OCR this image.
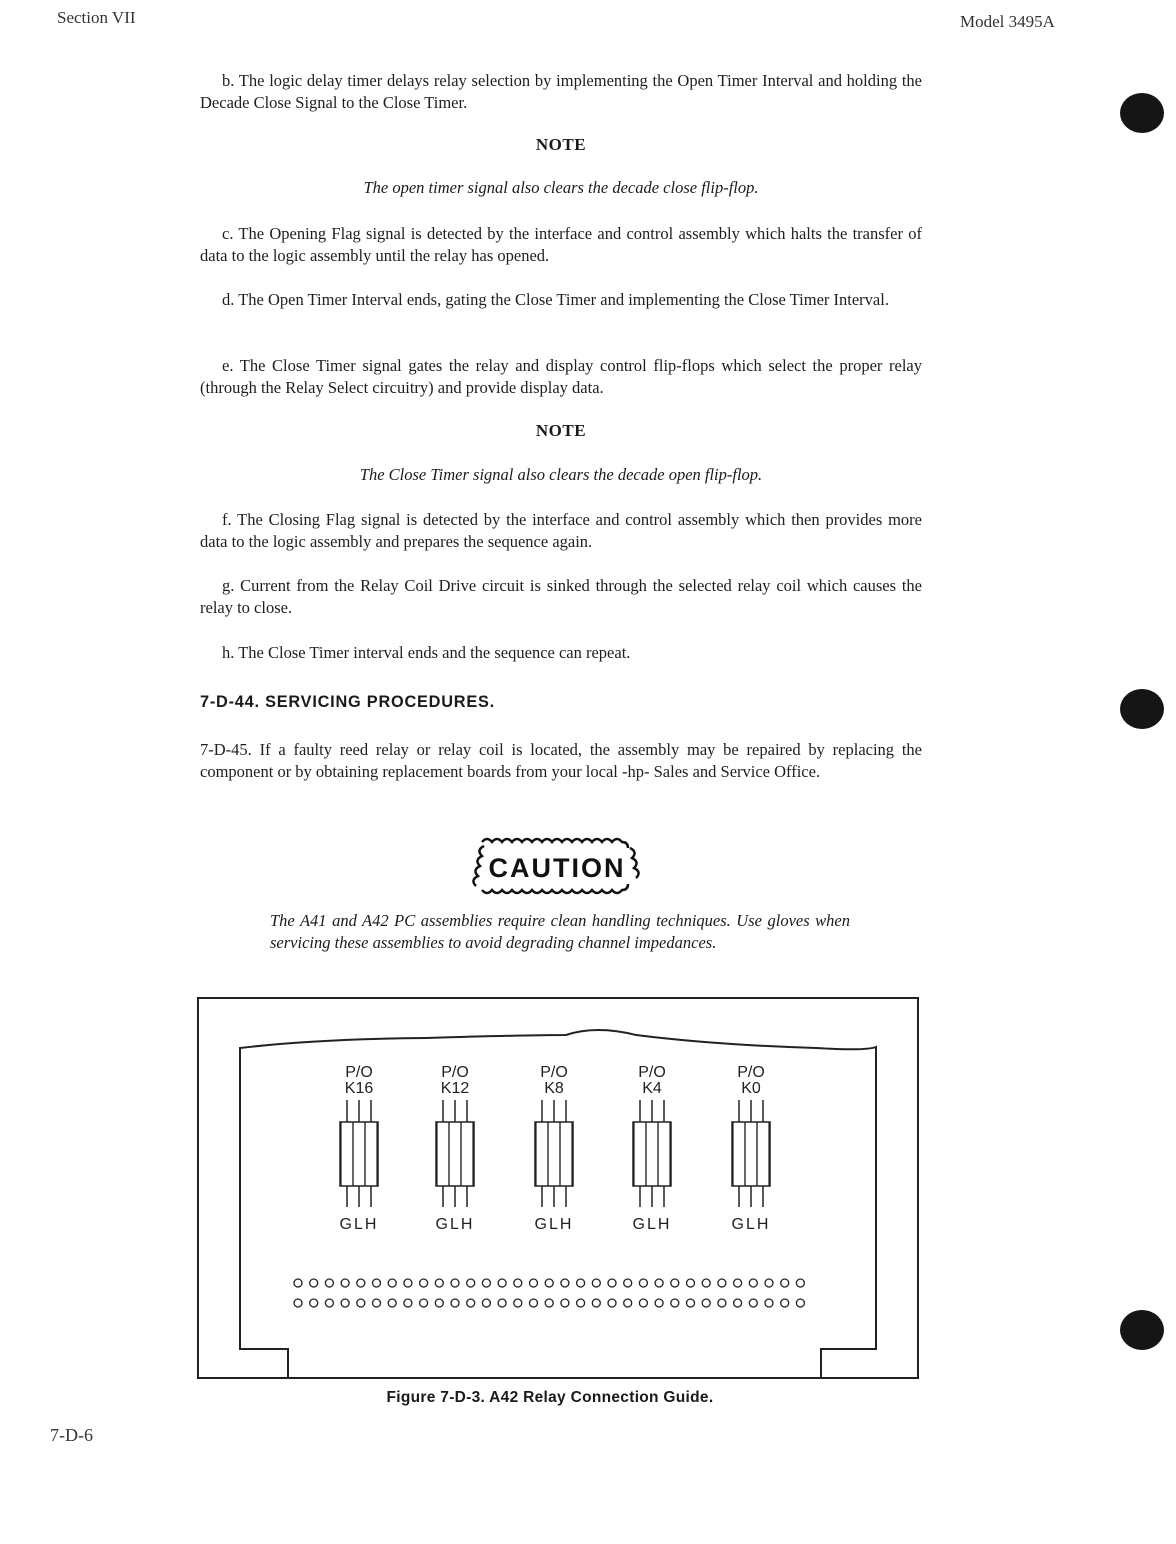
Section VII	Model 3495A
b. The logic delay timer delays relay selection by implementing the Open Timer Interval and holding the Decade Close Signal to the Close Timer.
NOTE
The open timer signal also clears the decade close flip-flop.
c. The Opening Flag signal is detected by the interface and control assembly which halts the transfer of data to the logic assembly until the relay has opened.
d. The Open Timer Interval ends, gating the Close Timer and implementing the Close Timer Interval.
e. The Close Timer signal gates the relay and display control flip-flops which select the proper relay (through the Relay Select circuitry) and provide display data.
NOTE
The Close Timer signal also clears the decade open flip-flop.
f. The Closing Flag signal is detected by the interface and control assembly which then provides more data to the logic assembly and prepares the sequence again.
g. Current from the Relay Coil Drive circuit is sinked through the selected relay coil which causes the relay to close.
h. The Close Timer interval ends and the sequence can repeat.
7-D-44. SERVICING PROCEDURES.
7-D-45. If a faulty reed relay or relay coil is located, the assembly may be repaired by replacing the component or by obtaining replacement boards from your local -hp- Sales and Service Office.
CAUTION
The A41 and A42 PC assemblies require clean handling techniques. Use gloves when servicing these assemblies to avoid degrading channel impedances.
P/O
K16
GLH
P/O
K12
GLH
P/O
K8
GLH
P/O
K4
GLH
P/O
K0
GLH
Figure 7-D-3. A42 Relay Connection Guide.
7-D-6
